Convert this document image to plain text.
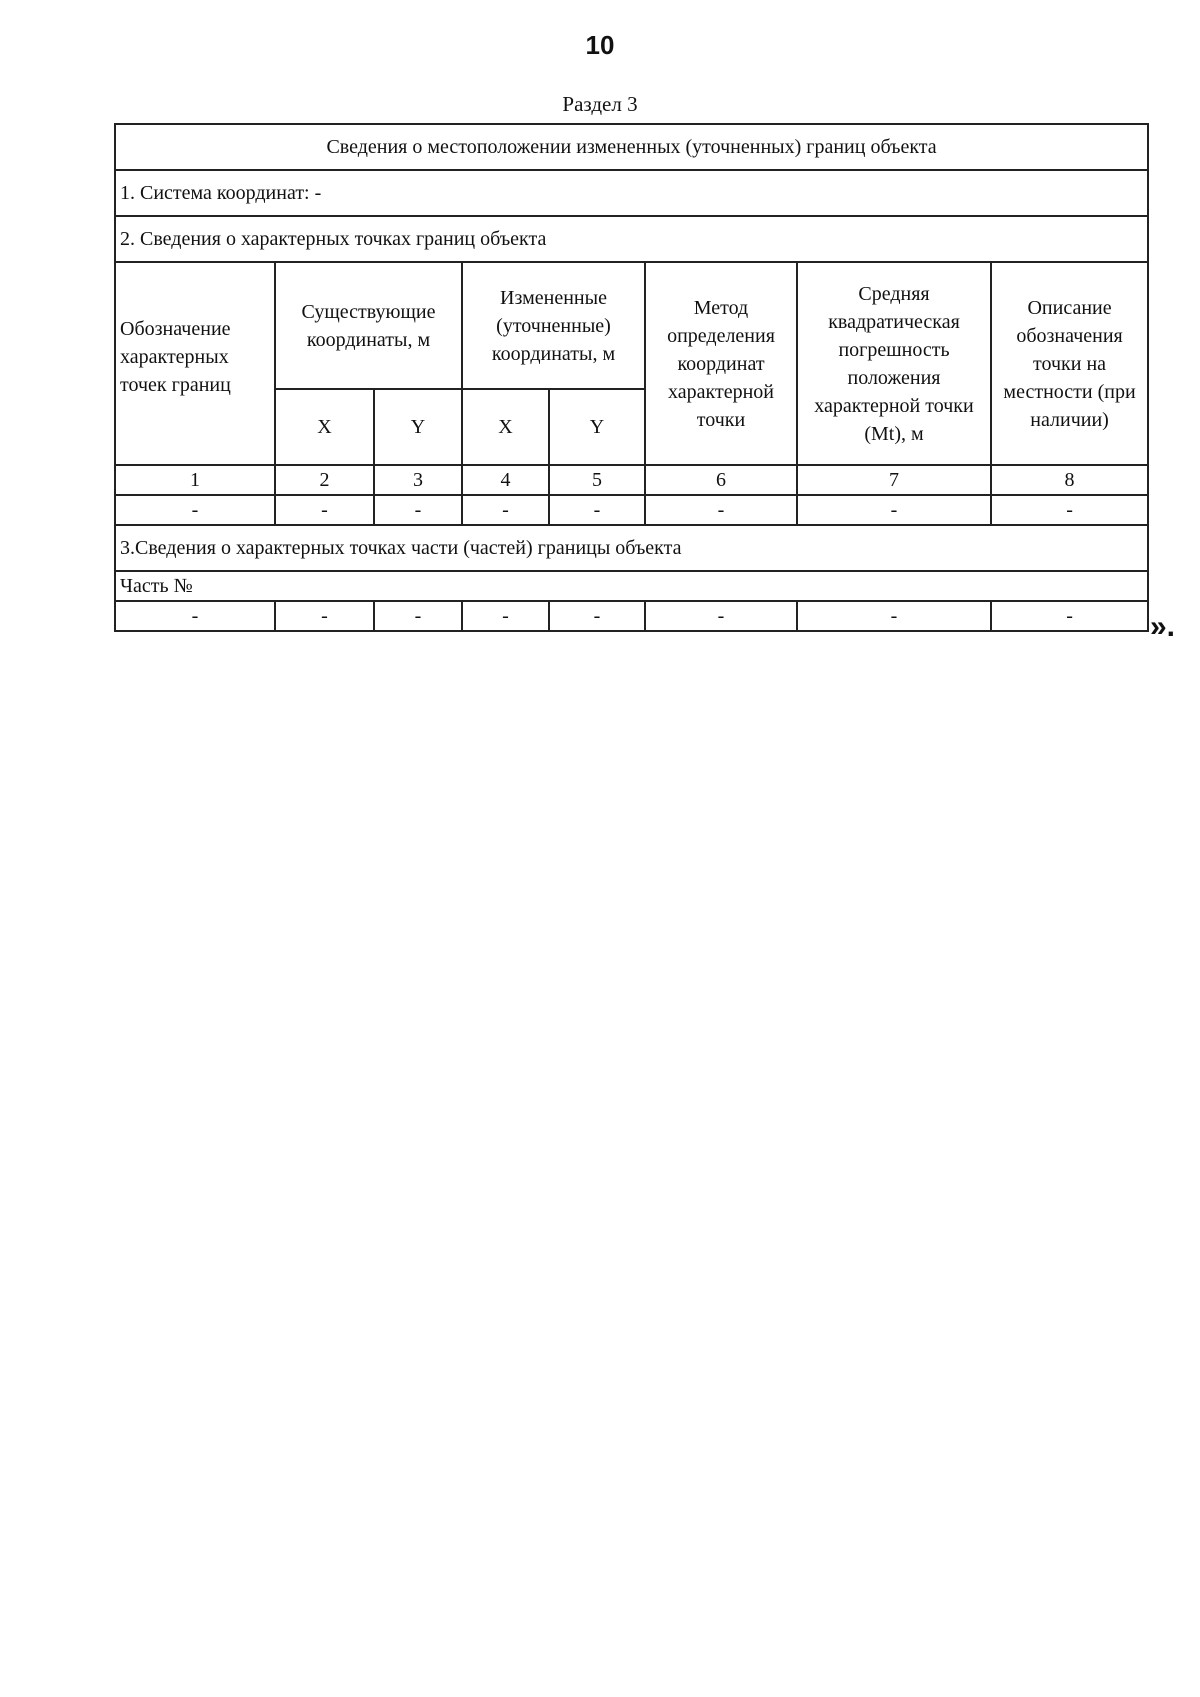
10
Раздел 3
Сведения о местоположении измененных (уточненных) границ объекта							
1. Система координат: -							
2. Сведения о характерных точках границ объекта							
Обозначение характерных точек границ	Существующие координаты, м		Измененные (уточненные) координаты, м		Метод определения координат характерной точки	Средняя квадратическая погрешность положения характерной точки (Mt), м	Описание обозначения точки на местности (при наличии)
	X	Y	X	Y			
1	2	3	4	5	6	7	8
-	-	-	-	-	-	-	-
3.Сведения о характерных точках части (частей) границы объекта							
Часть №							
-	-	-	-	-	-	-	-	».
